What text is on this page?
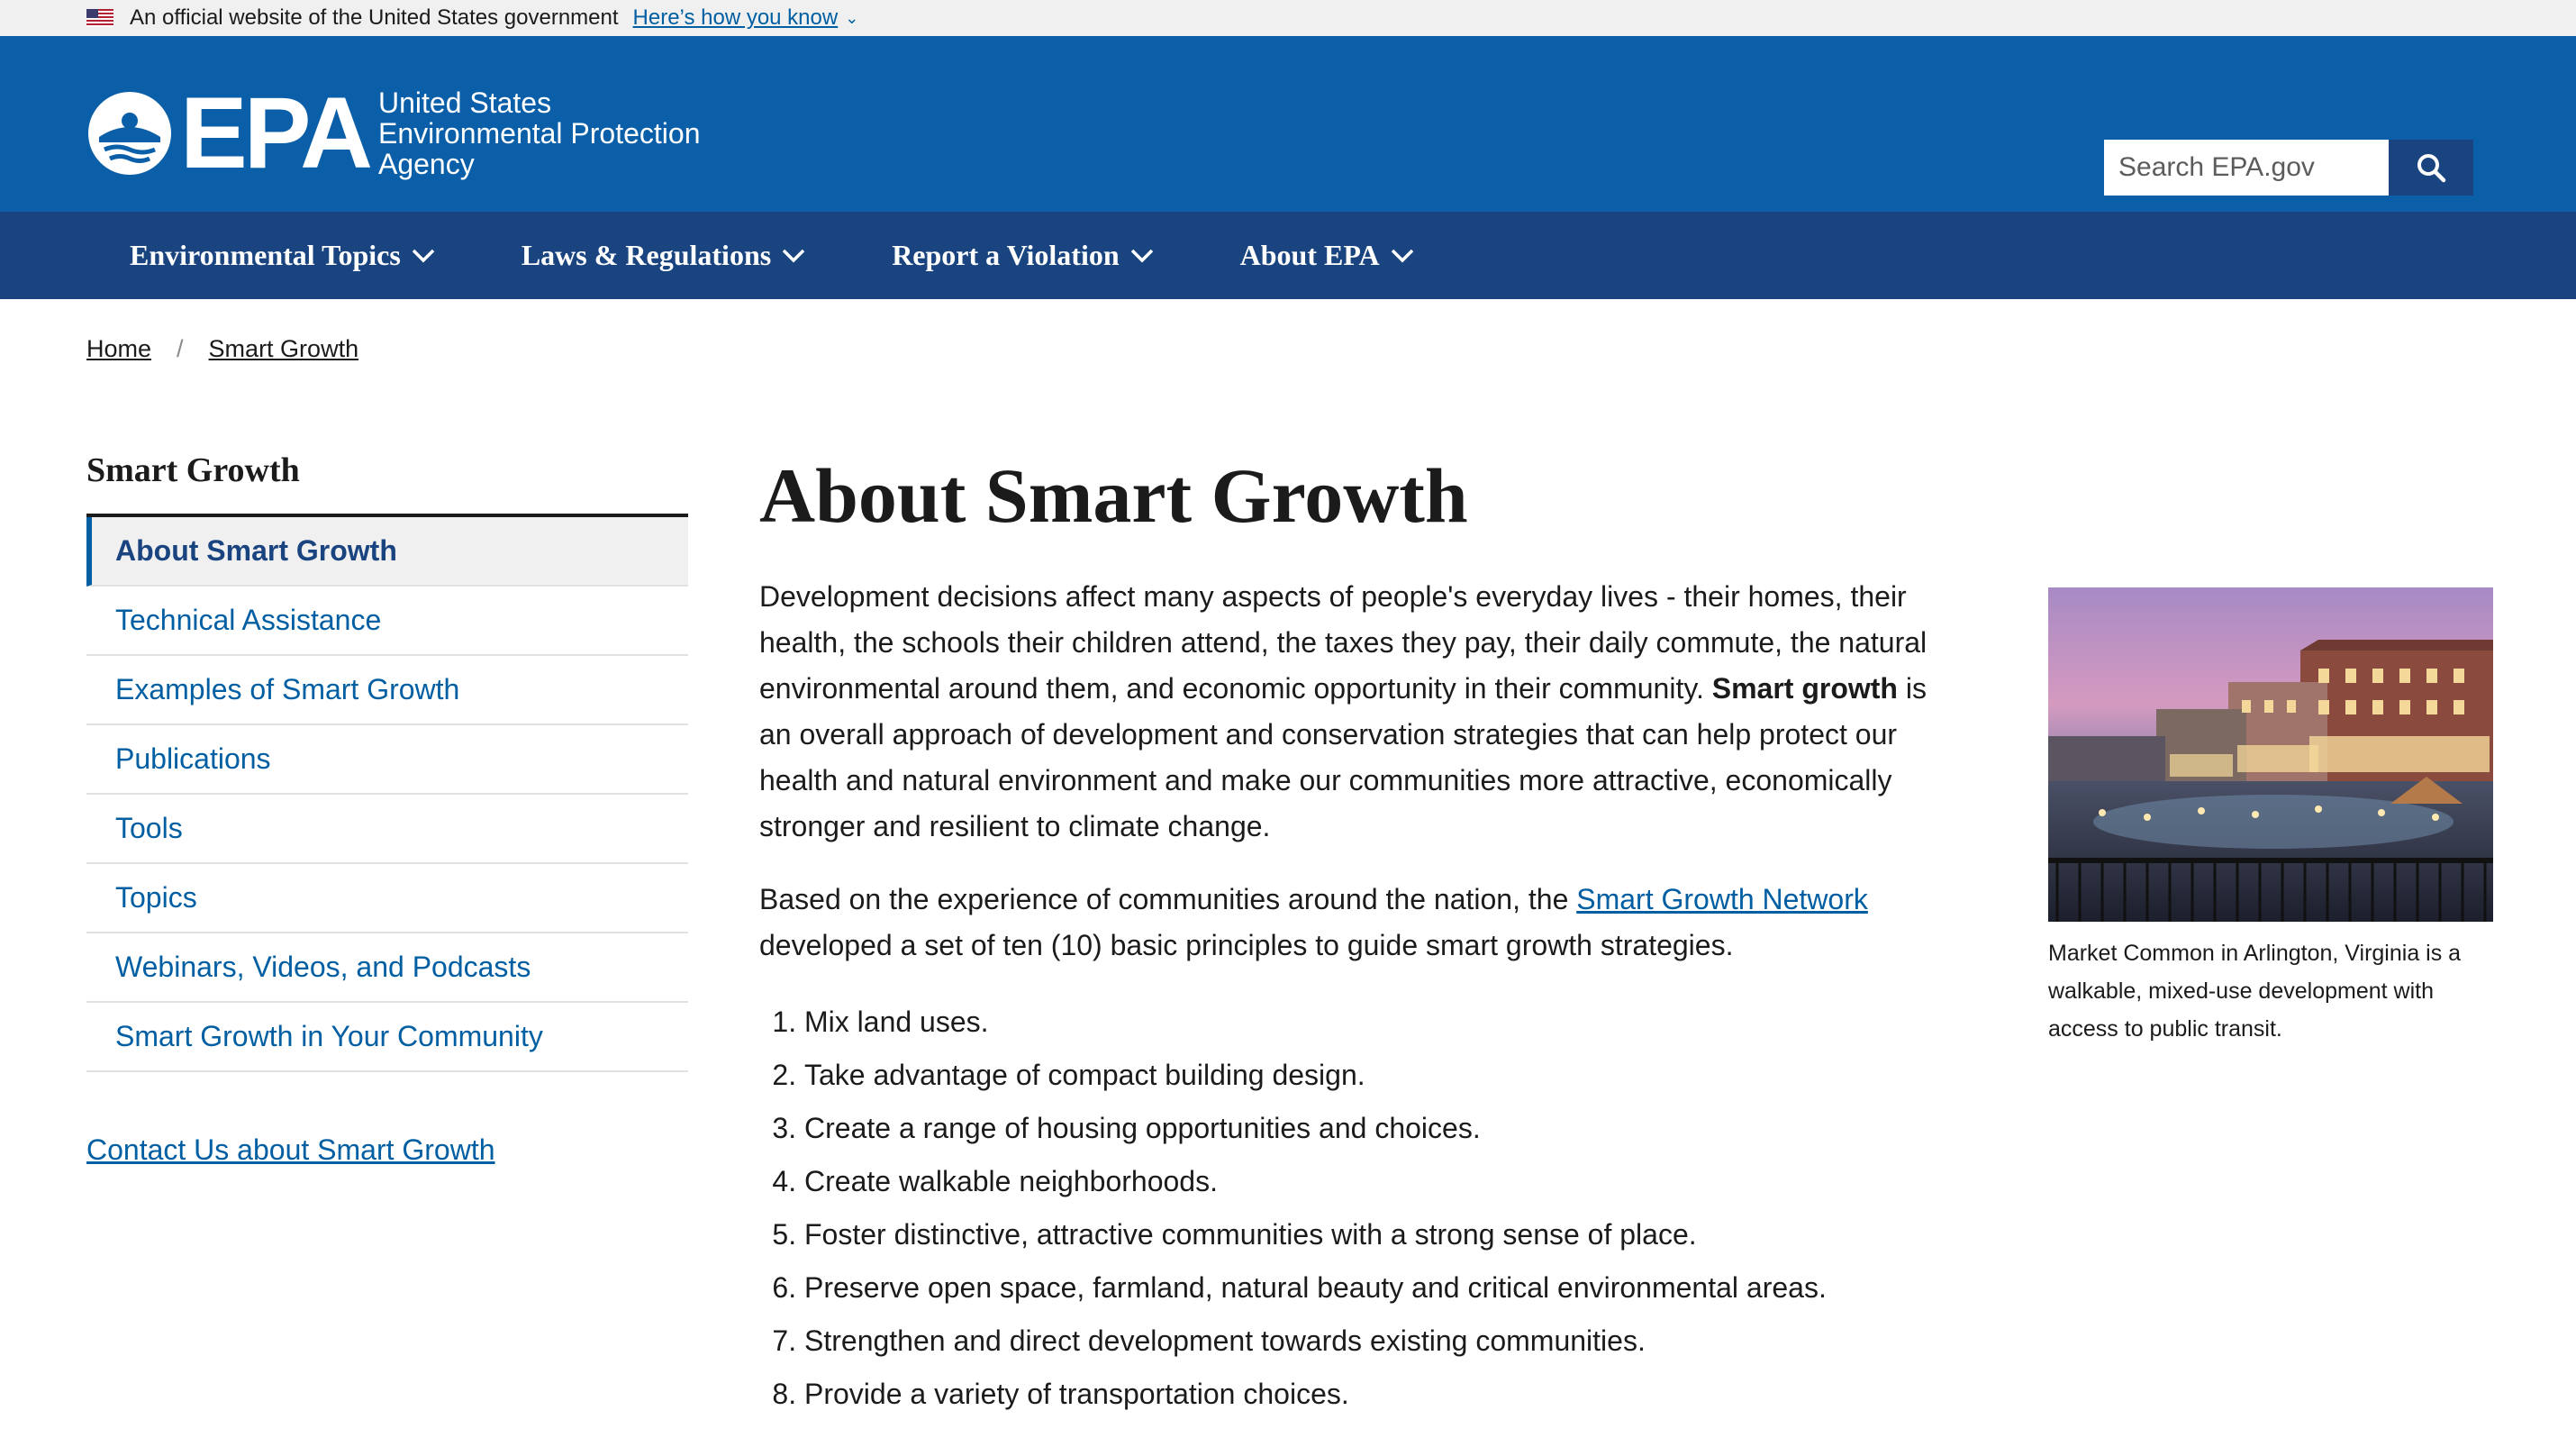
An official website of the United States government Here’s how you know ⌄
EPA United States
Environmental Protection
Agency
Search EPA.gov
Environmental Topics	Laws & Regulations	Report a Violation	About EPA
Home / Smart Growth
Smart Growth
About Smart Growth
Technical Assistance
Examples of Smart Growth
Publications
Tools
Topics
Webinars, Videos, and Podcasts
Smart Growth in Your Community
Contact Us about Smart Growth
About Smart Growth

Development decisions affect many aspects of people's everyday lives - their homes, their health, the schools their children attend, the taxes they pay, their daily commute, the natural environmental around them, and economic opportunity in their community. Smart growth is an overall approach of development and conservation strategies that can help protect our health and natural environment and make our communities more attractive, economically stronger and resilient to climate change.

Based on the experience of communities around the nation, the Smart Growth Network developed a set of ten (10) basic principles to guide smart growth strategies.

1. Mix land uses.
2. Take advantage of compact building design.
3. Create a range of housing opportunities and choices.
4. Create walkable neighborhoods.
5. Foster distinctive, attractive communities with a strong sense of place.
6. Preserve open space, farmland, natural beauty and critical environmental areas.
7. Strengthen and direct development towards existing communities.
8. Provide a variety of transportation choices.
Market Common in Arlington, Virginia is a walkable, mixed-use development with access to public transit.
